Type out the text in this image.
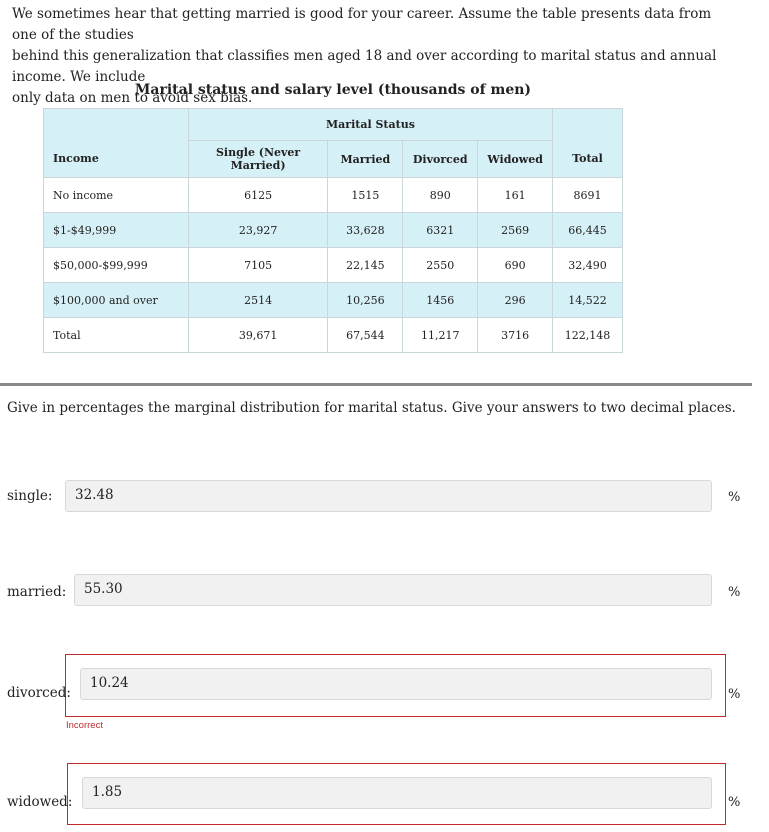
We sometimes hear that getting married is good for your career. Assume the table presents data from one of the studies
behind this generalization that classifies men aged 18 and over according to marital status and annual income. We include
only data on men to avoid sex bias.
Marital status and salary level (thousands of men)
	Marital Status				
Income	Single (Never Married)	Married	Divorced	Widowed	Total
No income	6125	1515	890	161	8691
$1-$49,999	23,927	33,628	6321	2569	66,445
$50,000-$99,999	7105	22,145	2550	690	32,490
$100,000 and over	2514	10,256	1456	296	14,522
Total	39,671	67,544	11,217	3716	122,148
Give in percentages the marginal distribution for marital status. Give your answers to two decimal places.
single:	32.48	%
married:	55.30	%
divorced:
10.24
%
Incorrect
widowed:
1.85
%
